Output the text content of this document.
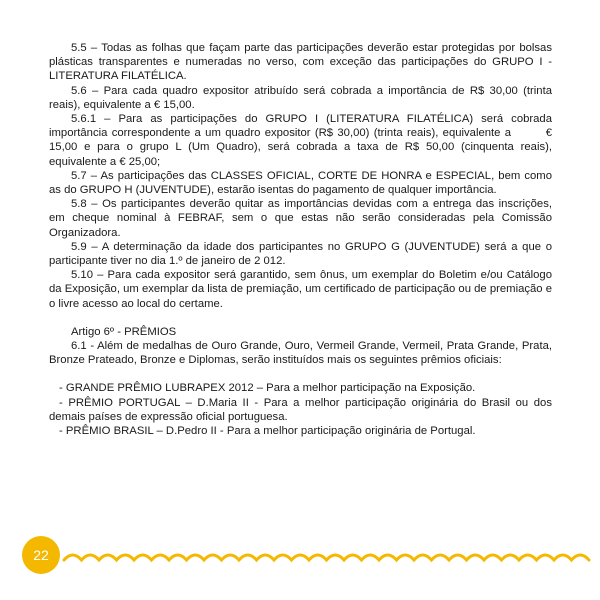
5.5 – Todas as folhas que façam parte das participações deverão estar protegidas por bolsas plásticas transparentes e numeradas no verso, com exceção das participações do GRUPO I -LITERATURA FILATÉLICA.

5.6 – Para cada quadro expositor atribuído será cobrada a importância de R$ 30,00 (trinta reais), equivalente a € 15,00.

5.6.1 – Para as participações do GRUPO I (LITERATURA FILATÉLICA) será cobrada importância correspondente a um quadro expositor (R$ 30,00) (trinta reais), equivalente a        € 15,00 e para o grupo L (Um Quadro), será cobrada a taxa de R$ 50,00 (cinquenta reais), equivalente a € 25,00;

5.7 – As participações das CLASSES OFICIAL, CORTE DE HONRA e ESPECIAL, bem como as do GRUPO H (JUVENTUDE), estarão isentas do pagamento de qualquer importância.

5.8 – Os participantes deverão quitar as importâncias devidas com a entrega das inscrições, em cheque nominal à FEBRAF, sem o que estas não serão consideradas pela Comissão Organizadora.

5.9 – A determinação da idade dos participantes no GRUPO G (JUVENTUDE) será a que o participante tiver no dia 1.º de janeiro de 2 012.

5.10 – Para cada expositor será garantido, sem ônus, um exemplar do Boletim e/ou Catálogo da Exposição, um exemplar da lista de premiação, um certificado de participação ou de premiação e o livre acesso ao local do certame.

Artigo 6º - PRÊMIOS

6.1 - Além de medalhas de Ouro Grande, Ouro, Vermeil Grande, Vermeil, Prata Grande, Prata, Bronze Prateado, Bronze e Diplomas, serão instituídos mais os seguintes prêmios oficiais:

- GRANDE PRÊMIO LUBRAPEX 2012 – Para a melhor participação na Exposição.

- PRÊMIO PORTUGAL – D.Maria II - Para a melhor participação originária do Brasil ou dos demais países de expressão oficial portuguesa.

- PRÊMIO BRASIL – D.Pedro II - Para a melhor participação originária de Portugal.

22
